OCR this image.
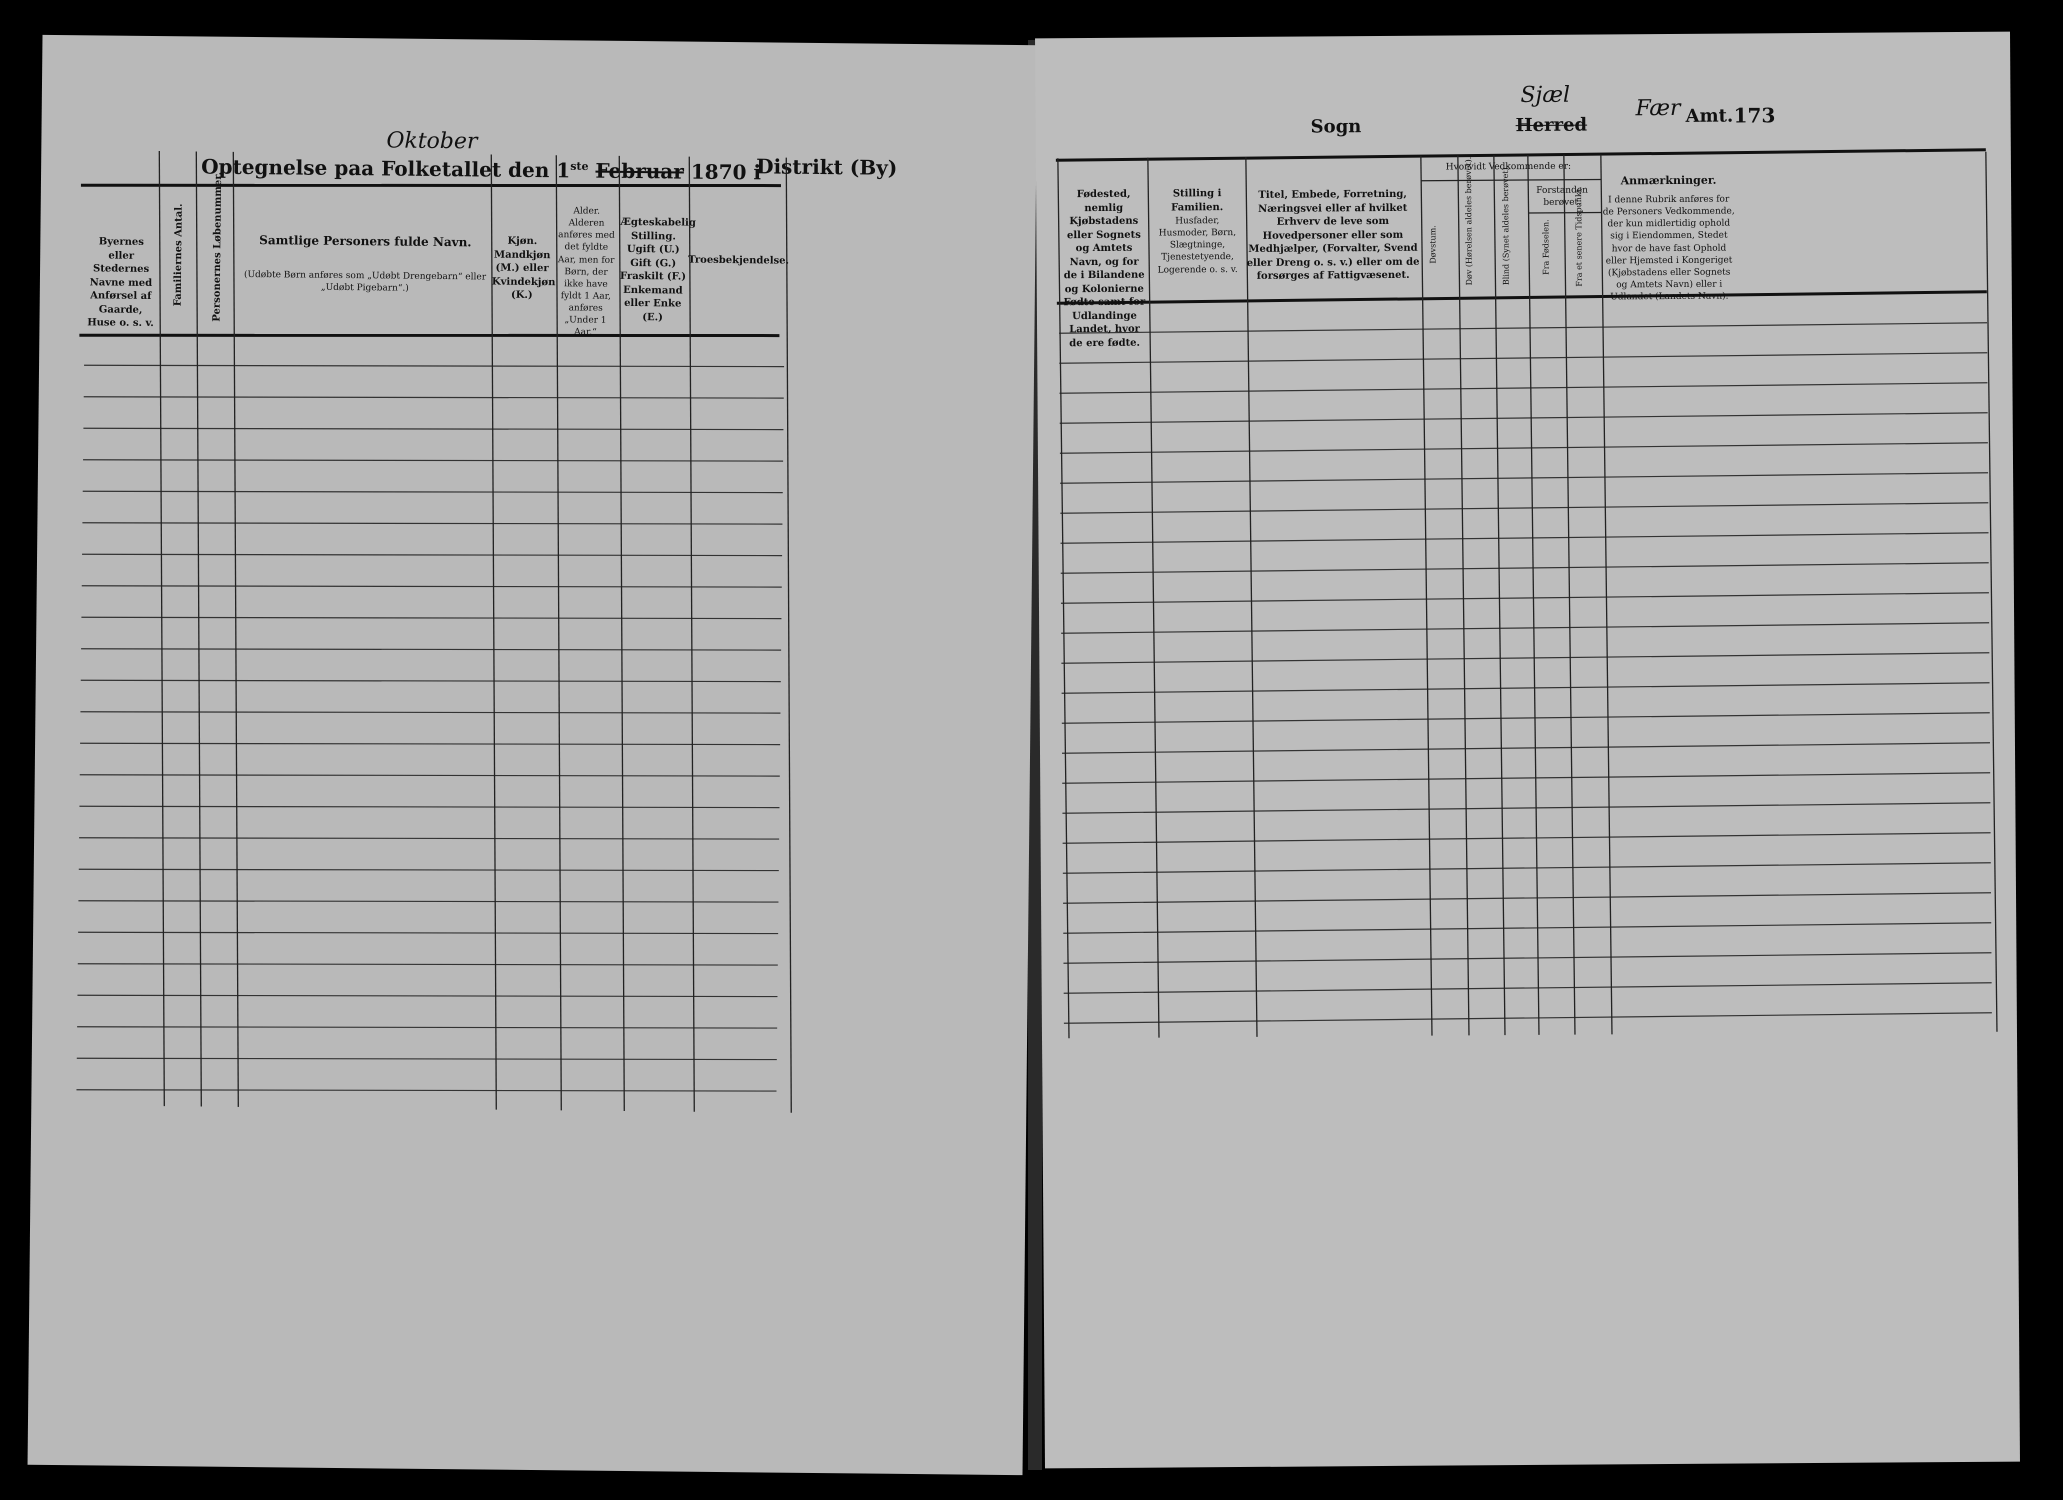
Optegnelse paa Folketallet den 1ste Februar 1870 i
Oktober
Distrikt (By)
Byernes eller Stedernes Navne med Anførsel af Gaarde, Huse o. s. v.
Familiernes Antal.	Personernes Løbenummer.	Samtlige Personers fulde Navn.
(Udøbte Børn anføres som „Udøbt Drengebarn“ eller „Udøbt Pigebarn“.)
Kjøn. Mandkjøn (M.) eller Kvindekjøn (K.)
Alder. Alderen anføres med det fyldte Aar, men for Børn, der ikke have fyldt 1 Aar, anføres „Under 1 Aar.“
Ægteskabelig Stilling. Ugift (U.) Gift (G.) Fraskilt (F.) Enkemand eller Enke (E.)
Troesbekjendelse.
Sogn
Sjæl
Herred
Fær Amt. 173
Fødested, nemlig Kjøbstadens eller Sognets og Amtets Navn, og for de i Bilandene og Kolonierne Fødte samt for Udlandinge Landet, hvor de ere fødte.
Stilling i Familien.
Husfader, Husmoder, Børn, Slægtninge, Tjenestetyende, Logerende o. s. v.
Titel, Embede, Forretning, Næringsvei eller af hvilket Erhverv de leve som Hovedpersoner eller som Medhjælper, (Forvalter, Svend eller Dreng o. s. v.) eller om de forsørges af Fattigvæsenet.
Hvorvidt Vedkommende er:
Døvstum.	Døv (Hørelsen aldeles berøvet).	Blind (Synet aldeles berøvet).	Forstanden berøvet.
Fra Fødselen.	Fra et senere Tidspunkt.
Anmærkninger.
I denne Rubrik anføres for de Personers Vedkommende, der kun midlertidig ophold sig i Eiendommen, Stedet hvor de have fast Ophold eller Hjemsted i Kongeriget (Kjøbstadens eller Sognets og Amtets Navn) eller i Udlandet (Landets Navn).
